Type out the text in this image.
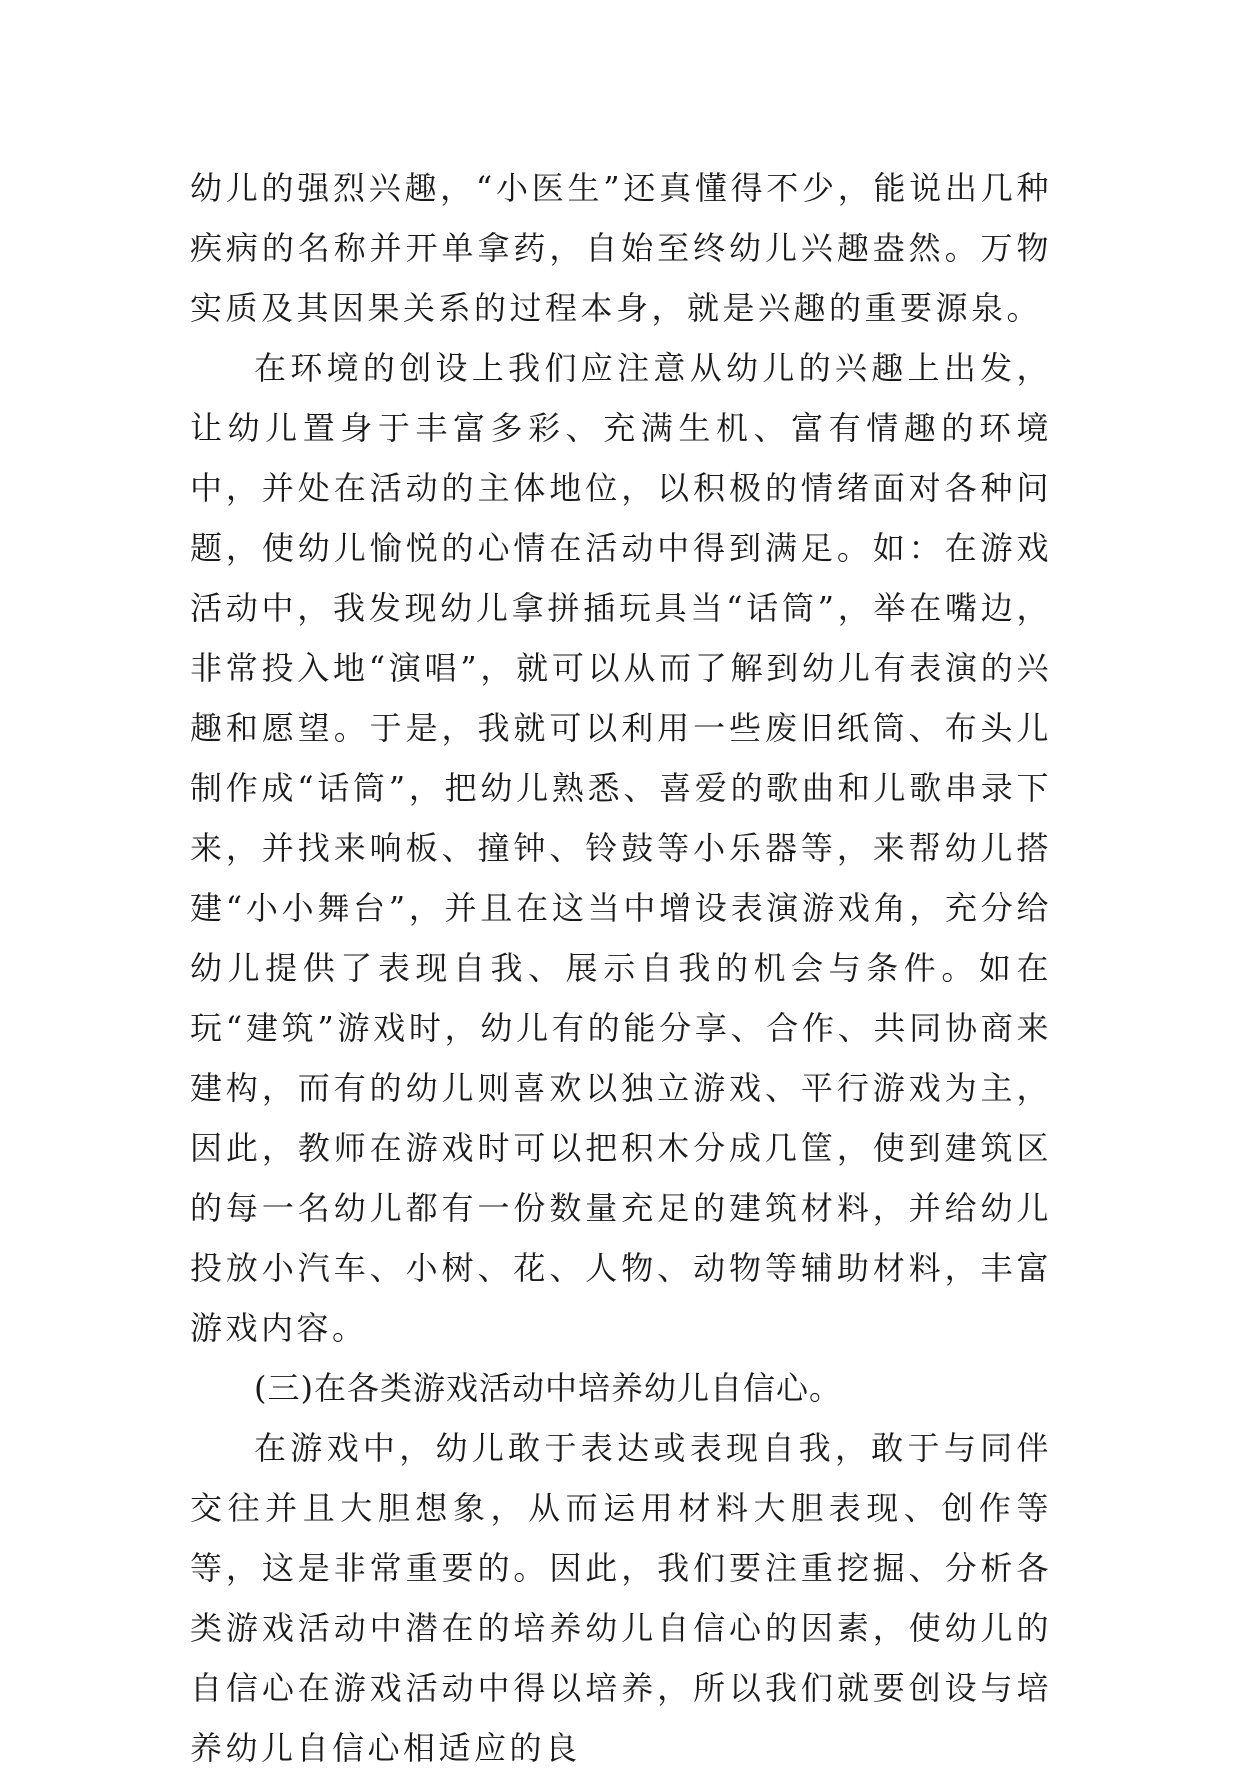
幼儿的强烈兴趣，“小医生”还真懂得不少，能说出几种疾病的名称并开单拿药，自始至终幼儿兴趣盎然。万物实质及其因果关系的过程本身，就是兴趣的重要源泉。

在环境的创设上我们应注意从幼儿的兴趣上出发，让幼儿置身于丰富多彩、充满生机、富有情趣的环境中，并处在活动的主体地位，以积极的情绪面对各种问题，使幼儿愉悦的心情在活动中得到满足。如：在游戏活动中，我发现幼儿拿拼插玩具当“话筒”，举在嘴边，非常投入地“演唱”，就可以从而了解到幼儿有表演的兴趣和愿望。于是，我就可以利用一些废旧纸筒、布头儿制作成“话筒”，把幼儿熟悉、喜爱的歌曲和儿歌串录下来，并找来响板、撞钟、铃鼓等小乐器等，来帮幼儿搭建“小小舞台”，并且在这当中增设表演游戏角，充分给幼儿提供了表现自我、展示自我的机会与条件。如在玩“建筑”游戏时，幼儿有的能分享、合作、共同协商来建构，而有的幼儿则喜欢以独立游戏、平行游戏为主，因此，教师在游戏时可以把积木分成几筐，使到建筑区的每一名幼儿都有一份数量充足的建筑材料，并给幼儿投放小汽车、小树、花、人物、动物等辅助材料，丰富游戏内容。

(三)在各类游戏活动中培养幼儿自信心。

在游戏中，幼儿敢于表达或表现自我，敢于与同伴交往并且大胆想象，从而运用材料大胆表现、创作等等，这是非常重要的。因此，我们要注重挖掘、分析各类游戏活动中潜在的培养幼儿自信心的因素，使幼儿的自信心在游戏活动中得以培养，所以我们就要创设与培养幼儿自信心相适应的良
